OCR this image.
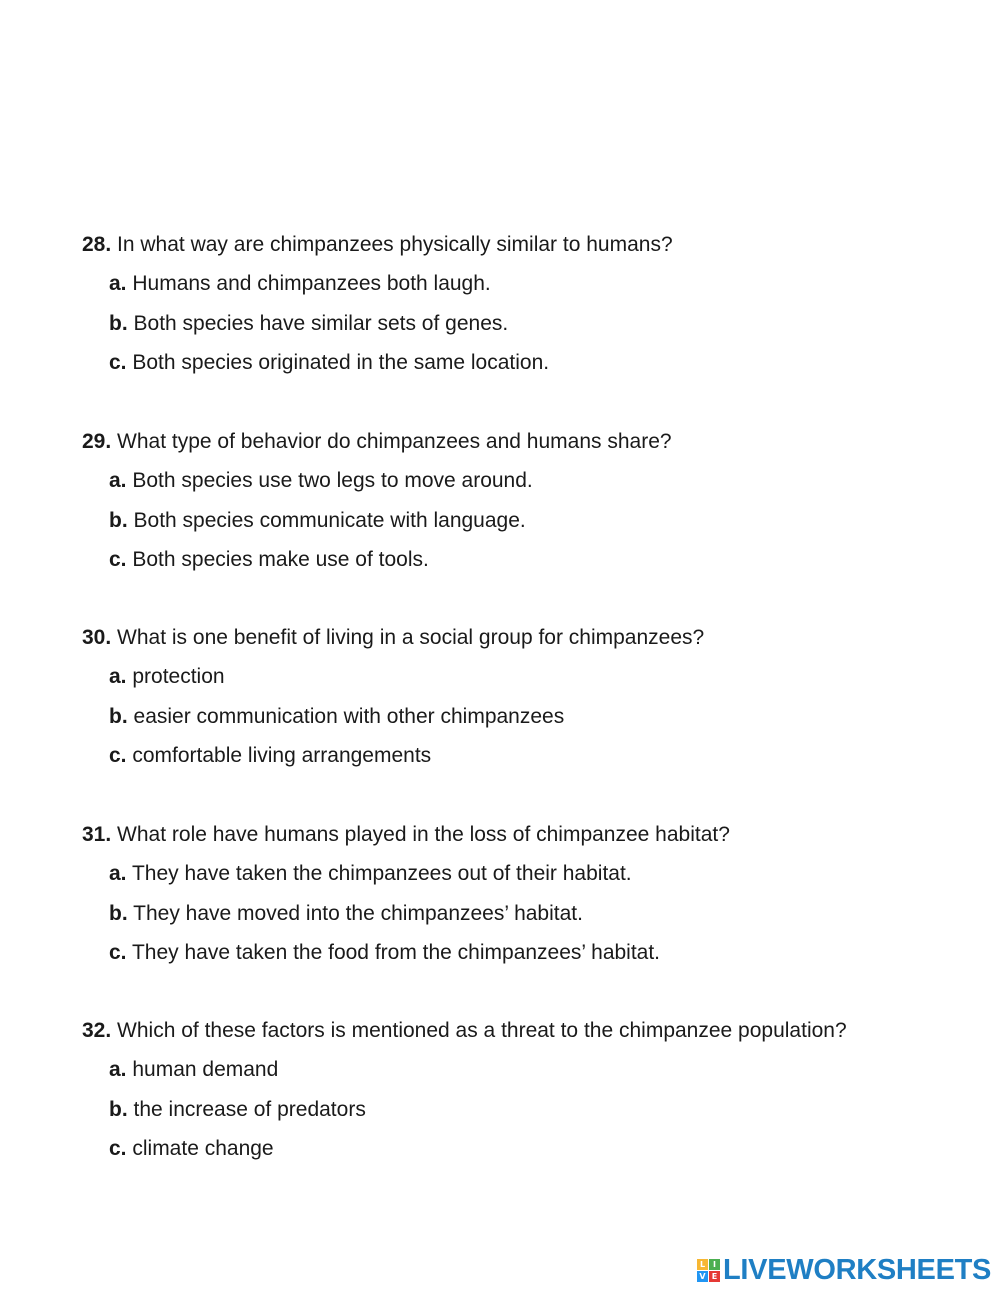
28. In what way are chimpanzees physically similar to humans?
a. Humans and chimpanzees both laugh.
b. Both species have similar sets of genes.
c. Both species originated in the same location.
29. What type of behavior do chimpanzees and humans share?
a. Both species use two legs to move around.
b. Both species communicate with language.
c. Both species make use of tools.
30. What is one benefit of living in a social group for chimpanzees?
a. protection
b. easier communication with other chimpanzees
c. comfortable living arrangements
31. What role have humans played in the loss of chimpanzee habitat?
a. They have taken the chimpanzees out of their habitat.
b. They have moved into the chimpanzees’ habitat.
c. They have taken the food from the chimpanzees’ habitat.
32. Which of these factors is mentioned as a threat to the chimpanzee population?
a. human demand
b. the increase of predators
c. climate change
L I
V E LIVEWORKSHEETS
